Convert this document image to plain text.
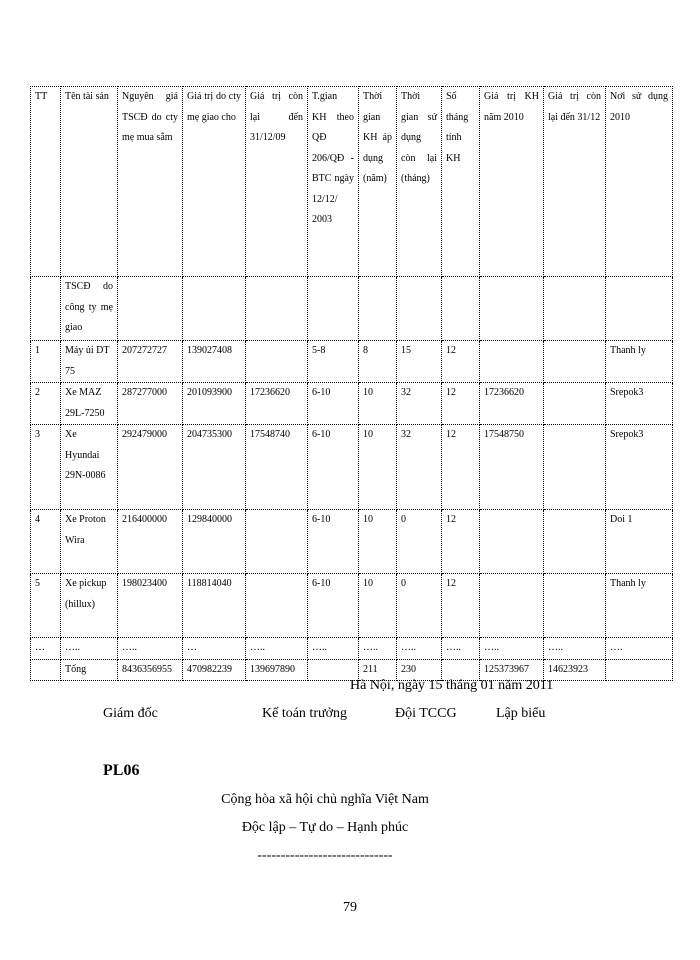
TT	Tên tài sản	Nguyên giá TSCĐ do cty mẹ mua sắm	Giá trị do cty mẹ giao cho	Giá trị còn lại đến 31/12/09	T.gian KH theo QĐ 206/QĐ - BTC ngày 12/12/ 2003	Thời gian KH áp dụng (năm)	Thời gian sử dụng còn lại (tháng)	Số tháng tính KH	Giá trị KH năm 2010	Giá trị còn lại đến 31/12	Nơi sử dụng 2010
	TSCĐ do công ty mẹ giao										
1	Máy ủi DT 75	207272727	139027408		5-8	8	15	12			Thanh ly
2	Xe MAZ 29L-7250	287277000	201093900	17236620	6-10	10	32	12	17236620		Srepok3
3	Xe Hyundai 29N-0086	292479000	204735300	17548740	6-10	10	32	12	17548750		Srepok3
4	Xe Proton Wira	216400000	129840000		6-10	10	0	12			Doi 1
5	Xe pickup (hillux)	198023400	118814040		6-10	10	0	12			Thanh ly
…	…..	…..	…	…..	…..	…..	…..	…..	…..	…..	….
	Tổng	8436356955	470982239	139697890		211	230		125373967	14623923	
Hà Nội, ngày 15 tháng 01 năm 2011
Giám đốc	Kế toán trưởng	Đội TCCG	Lập biểu
PL06
Cộng hòa xã hội chủ nghĩa Việt Nam
Độc lập – Tự do – Hạnh phúc
-----------------------------
79
